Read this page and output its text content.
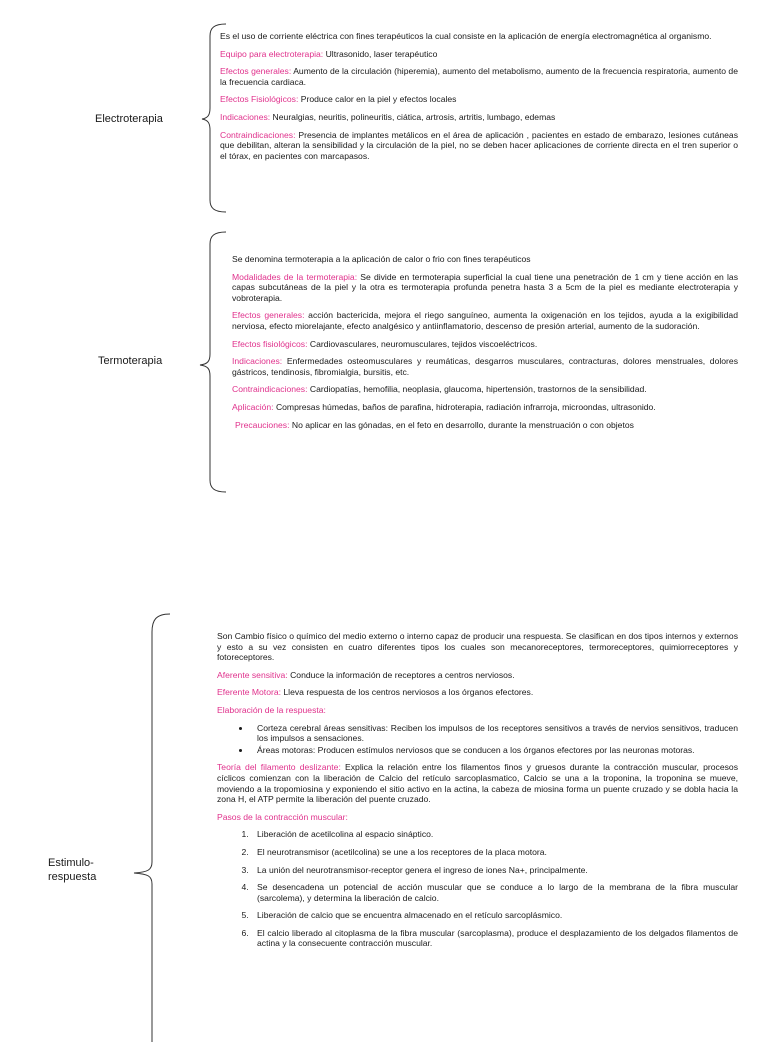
Electroterapia

Es el uso de corriente eléctrica con fines terapéuticos la cual consiste en la aplicación de energía electromagnética al organismo.

Equipo para electroterapia: Ultrasonido, laser terapéutico

Efectos generales: Aumento de la circulación (hiperemia), aumento del metabolismo, aumento de la frecuencia respiratoria, aumento de la frecuencia cardiaca.

Efectos Fisiológicos: Produce calor en la piel y efectos locales

Indicaciones: Neuralgias, neuritis, polineuritis, ciática, artrosis, artritis, lumbago, edemas

Contraindicaciones: Presencia de implantes metálicos en el área de aplicación , pacientes en estado de embarazo, lesiones cutáneas que debilitan, alteran la sensibilidad y la circulación de la piel, no se deben hacer aplicaciones de corriente directa en el tren superior o el tórax, en pacientes con marcapasos.

Termoterapia

Se denomina termoterapia a la aplicación de calor o frio con fines terapéuticos

Modalidades de la termoterapia: Se divide en termoterapia superficial la cual tiene una penetración de 1 cm y tiene acción en las capas subcutáneas de la piel y la otra es termoterapia profunda penetra hasta 3 a 5cm de la piel es mediante electroterapia y vobroterapia.

Efectos generales: acción bactericida, mejora el riego sanguíneo, aumenta la oxigenación en los tejidos, ayuda a la exigibilidad nerviosa, efecto miorelajante, efecto analgésico y antiinflamatorio, descenso de presión arterial, aumento de la sudoración.

Efectos fisiológicos: Cardiovasculares, neuromusculares, tejidos viscoeléctricos.

Indicaciones: Enfermedades osteomusculares y reumáticas, desgarros musculares, contracturas, dolores menstruales, dolores gástricos, tendinosis, fibromialgia, bursitis, etc.

Contraindicaciones: Cardiopatías, hemofilia, neoplasia, glaucoma, hipertensión, trastornos de la sensibilidad.

Aplicación: Compresas húmedas, baños de parafina, hidroterapia, radiación infrarroja, microondas, ultrasonido.

Precauciones: No aplicar en las gónadas, en el feto en desarrollo, durante la menstruación o con objetos

Estimulo-
respuesta

Son Cambio físico o químico del medio externo o interno capaz de producir una respuesta. Se clasifican en dos tipos internos y externos y esto a su vez consisten en cuatro diferentes tipos los cuales son mecanoreceptores, termoreceptores, quimiorreceptores y fotoreceptores.

Aferente sensitiva: Conduce la información de receptores a centros nerviosos.

Eferente Motora: Lleva respuesta de los centros nerviosos a los órganos efectores.

Elaboración de la respuesta:

• Corteza cerebral áreas sensitivas: Reciben los impulsos de los receptores sensitivos a través de nervios sensitivos, traducen los impulsos a sensaciones.
• Áreas motoras: Producen estímulos nerviosos que se conducen a los órganos efectores por las neuronas motoras.

Teoría del filamento deslizante: Explica la relación entre los filamentos finos y gruesos durante la contracción muscular, procesos cíclicos comienzan con la liberación de Calcio del retículo sarcoplasmatico, Calcio se una a la troponina, la troponina se mueve, moviendo a la tropomiosina y exponiendo el sitio activo en la actina, la cabeza de miosina forma un puente cruzado y se dobla hacia la zona H, el ATP permite la liberación del puente cruzado.

Pasos de la contracción muscular:

1. Liberación de acetilcolina al espacio sináptico.
2. El neurotransmisor (acetilcolina) se une a los receptores de la placa motora.
3. La unión del neurotransmisor-receptor genera el ingreso de iones Na+, principalmente.
4. Se desencadena un potencial de acción muscular que se conduce a lo largo de la membrana de la fibra muscular (sarcolema), y determina la liberación de calcio.
5. Liberación de calcio que se encuentra almacenado en el retículo sarcoplásmico.
6. El calcio liberado al citoplasma de la fibra muscular (sarcoplasma), produce el desplazamiento de los delgados filamentos de actina y la consecuente contracción muscular.
